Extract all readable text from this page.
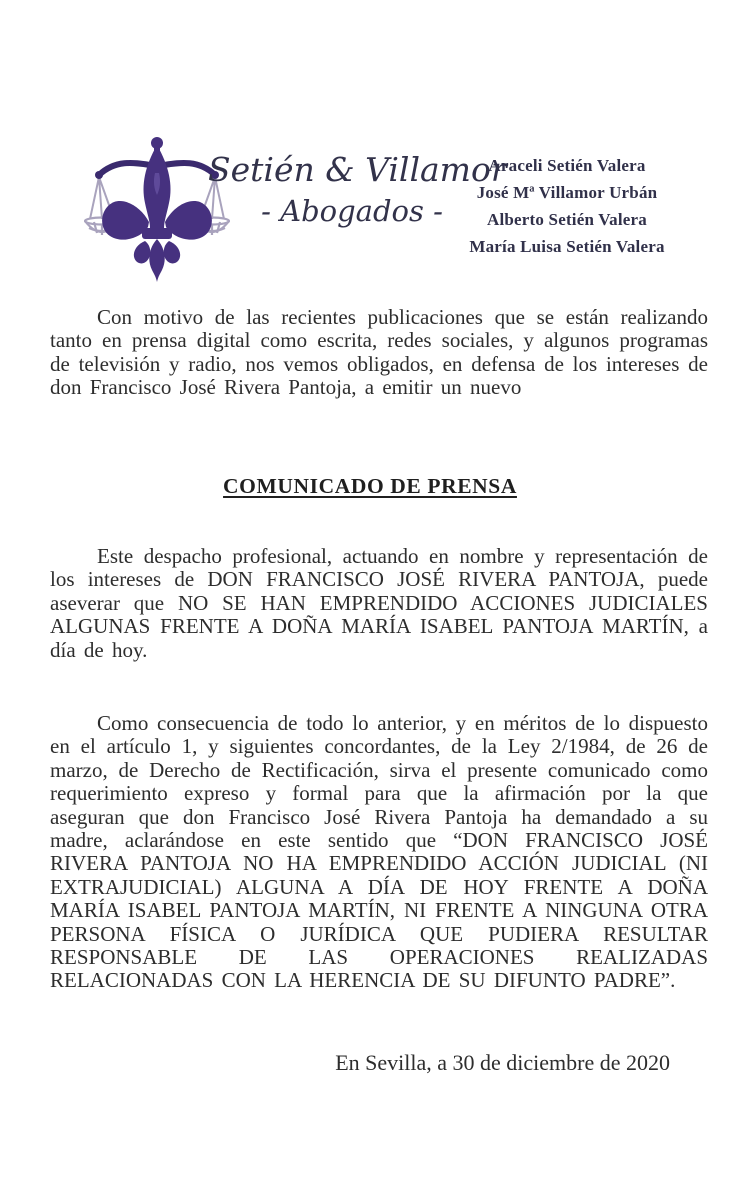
Setién & Villamor
- Abogados -
Araceli Setién Valera
José Mª Villamor Urbán
Alberto Setién Valera
María Luisa Setién Valera

Con motivo de las recientes publicaciones que se están realizando tanto en prensa digital como escrita, redes sociales, y algunos programas de televisión y radio, nos vemos obligados, en defensa de los intereses de don Francisco José Rivera Pantoja, a emitir un nuevo

COMUNICADO DE PRENSA

Este despacho profesional, actuando en nombre y representación de los intereses de DON FRANCISCO JOSÉ RIVERA PANTOJA, puede aseverar que NO SE HAN EMPRENDIDO ACCIONES JUDICIALES ALGUNAS FRENTE A DOÑA MARÍA ISABEL PANTOJA MARTÍN, a día de hoy.

Como consecuencia de todo lo anterior, y en méritos de lo dispuesto en el artículo 1, y siguientes concordantes, de la Ley 2/1984, de 26 de marzo, de Derecho de Rectificación, sirva el presente comunicado como requerimiento expreso y formal para que la afirmación por la que aseguran que don Francisco José Rivera Pantoja ha demandado a su madre, aclarándose en este sentido que “DON FRANCISCO JOSÉ RIVERA PANTOJA NO HA EMPRENDIDO ACCIÓN JUDICIAL (NI EXTRAJUDICIAL) ALGUNA A DÍA DE HOY FRENTE A DOÑA MARÍA ISABEL PANTOJA MARTÍN, NI FRENTE A NINGUNA OTRA PERSONA FÍSICA O JURÍDICA QUE PUDIERA RESULTAR RESPONSABLE DE LAS OPERACIONES REALIZADAS RELACIONADAS CON LA HERENCIA DE SU DIFUNTO PADRE”.

En Sevilla, a 30 de diciembre de 2020
